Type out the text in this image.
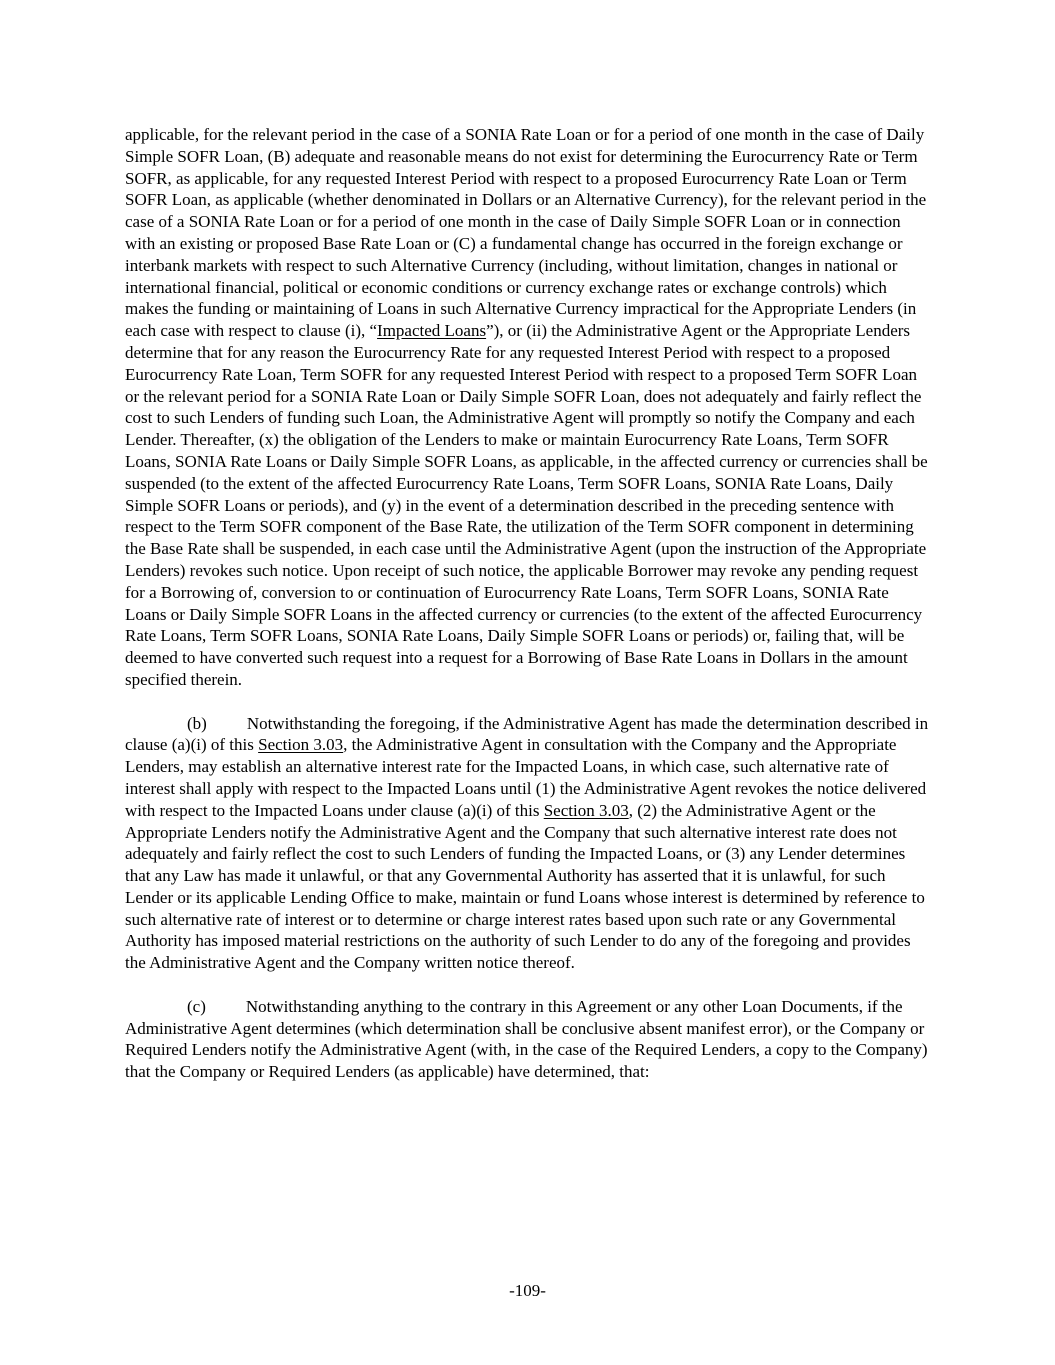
applicable, for the relevant period in the case of a SONIA Rate Loan or for a period of one month in the case of Daily Simple SOFR Loan, (B) adequate and reasonable means do not exist for determining the Eurocurrency Rate or Term SOFR, as applicable, for any requested Interest Period with respect to a proposed Eurocurrency Rate Loan or Term SOFR Loan, as applicable (whether denominated in Dollars or an Alternative Currency), for the relevant period in the case of a SONIA Rate Loan or for a period of one month in the case of Daily Simple SOFR Loan or in connection with an existing or proposed Base Rate Loan or (C) a fundamental change has occurred in the foreign exchange or interbank markets with respect to such Alternative Currency (including, without limitation, changes in national or international financial, political or economic conditions or currency exchange rates or exchange controls) which makes the funding or maintaining of Loans in such Alternative Currency impractical for the Appropriate Lenders (in each case with respect to clause (i), “Impacted Loans”), or (ii) the Administrative Agent or the Appropriate Lenders determine that for any reason the Eurocurrency Rate for any requested Interest Period with respect to a proposed Eurocurrency Rate Loan, Term SOFR for any requested Interest Period with respect to a proposed Term SOFR Loan or the relevant period for a SONIA Rate Loan or Daily Simple SOFR Loan, does not adequately and fairly reflect the cost to such Lenders of funding such Loan, the Administrative Agent will promptly so notify the Company and each Lender. Thereafter, (x) the obligation of the Lenders to make or maintain Eurocurrency Rate Loans, Term SOFR Loans, SONIA Rate Loans or Daily Simple SOFR Loans, as applicable, in the affected currency or currencies shall be suspended (to the extent of the affected Eurocurrency Rate Loans, Term SOFR Loans, SONIA Rate Loans, Daily Simple SOFR Loans or periods), and (y) in the event of a determination described in the preceding sentence with respect to the Term SOFR component of the Base Rate, the utilization of the Term SOFR component in determining the Base Rate shall be suspended, in each case until the Administrative Agent (upon the instruction of the Appropriate Lenders) revokes such notice. Upon receipt of such notice, the applicable Borrower may revoke any pending request for a Borrowing of, conversion to or continuation of Eurocurrency Rate Loans, Term SOFR Loans, SONIA Rate Loans or Daily Simple SOFR Loans in the affected currency or currencies (to the extent of the affected Eurocurrency Rate Loans, Term SOFR Loans, SONIA Rate Loans, Daily Simple SOFR Loans or periods) or, failing that, will be deemed to have converted such request into a request for a Borrowing of Base Rate Loans in Dollars in the amount specified therein.

(b) Notwithstanding the foregoing, if the Administrative Agent has made the determination described in clause (a)(i) of this Section 3.03, the Administrative Agent in consultation with the Company and the Appropriate Lenders, may establish an alternative interest rate for the Impacted Loans, in which case, such alternative rate of interest shall apply with respect to the Impacted Loans until (1) the Administrative Agent revokes the notice delivered with respect to the Impacted Loans under clause (a)(i) of this Section 3.03, (2) the Administrative Agent or the Appropriate Lenders notify the Administrative Agent and the Company that such alternative interest rate does not adequately and fairly reflect the cost to such Lenders of funding the Impacted Loans, or (3) any Lender determines that any Law has made it unlawful, or that any Governmental Authority has asserted that it is unlawful, for such Lender or its applicable Lending Office to make, maintain or fund Loans whose interest is determined by reference to such alternative rate of interest or to determine or charge interest rates based upon such rate or any Governmental Authority has imposed material restrictions on the authority of such Lender to do any of the foregoing and provides the Administrative Agent and the Company written notice thereof.

(c) Notwithstanding anything to the contrary in this Agreement or any other Loan Documents, if the Administrative Agent determines (which determination shall be conclusive absent manifest error), or the Company or Required Lenders notify the Administrative Agent (with, in the case of the Required Lenders, a copy to the Company) that the Company or Required Lenders (as applicable) have determined, that:

-109-
